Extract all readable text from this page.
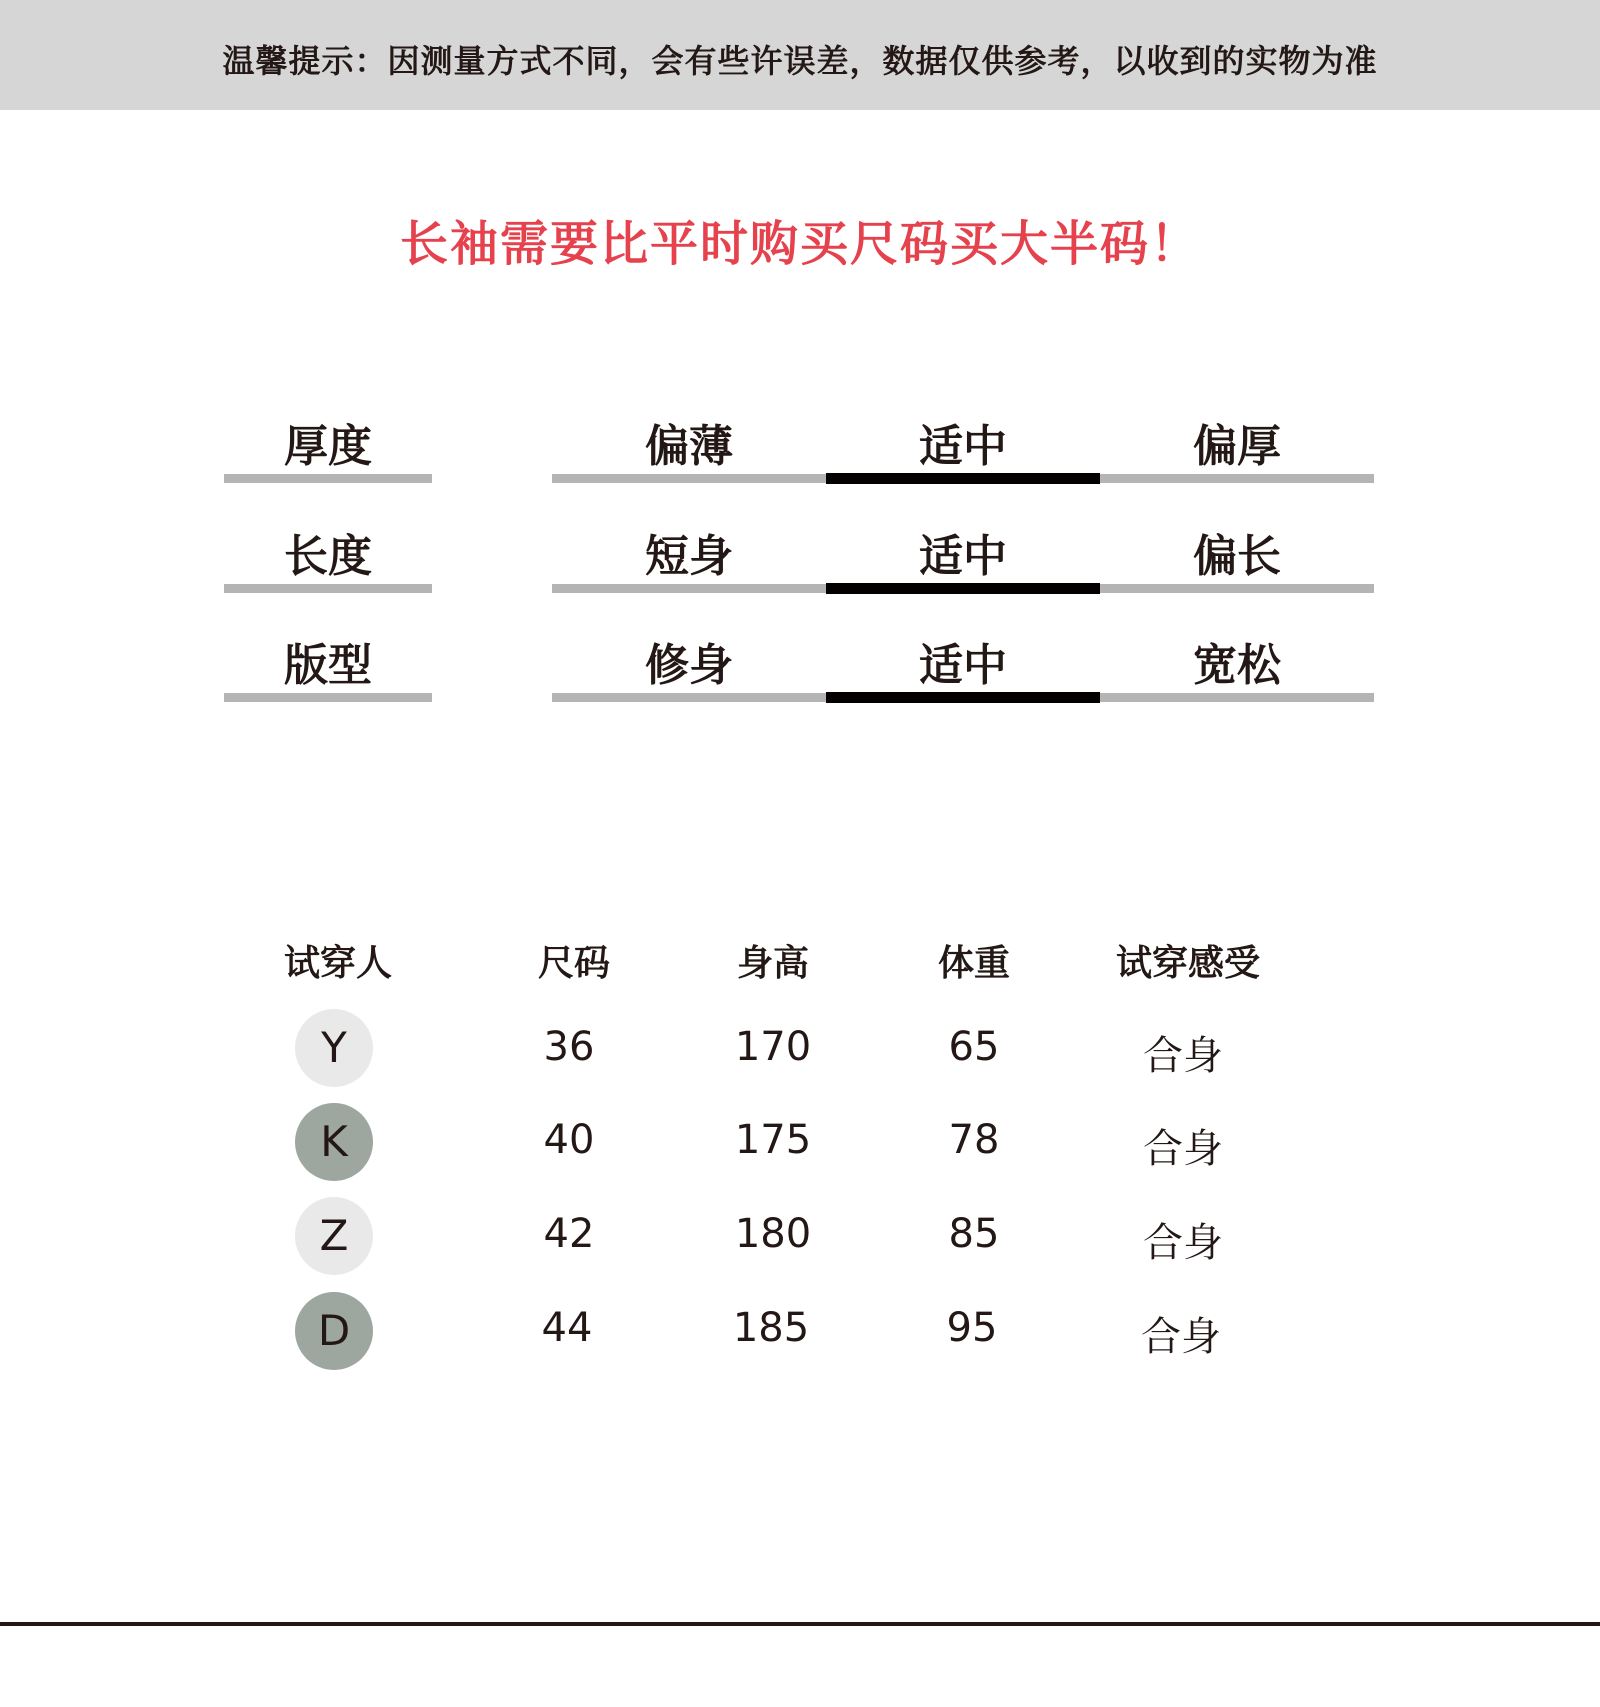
温馨提示：因测量方式不同，会有些许误差，数据仅供参考，以收到的实物为准
长袖需要比平时购买尺码买大半码！
厚度	偏薄	适中	偏厚
长度	短身	适中	偏长
版型	修身	适中	宽松
试穿人	尺码	身高	体重	试穿感受
Y	36	170	65	合身
K	40	175	78	合身
Z	42	180	85	合身
D	44	185	95	合身
